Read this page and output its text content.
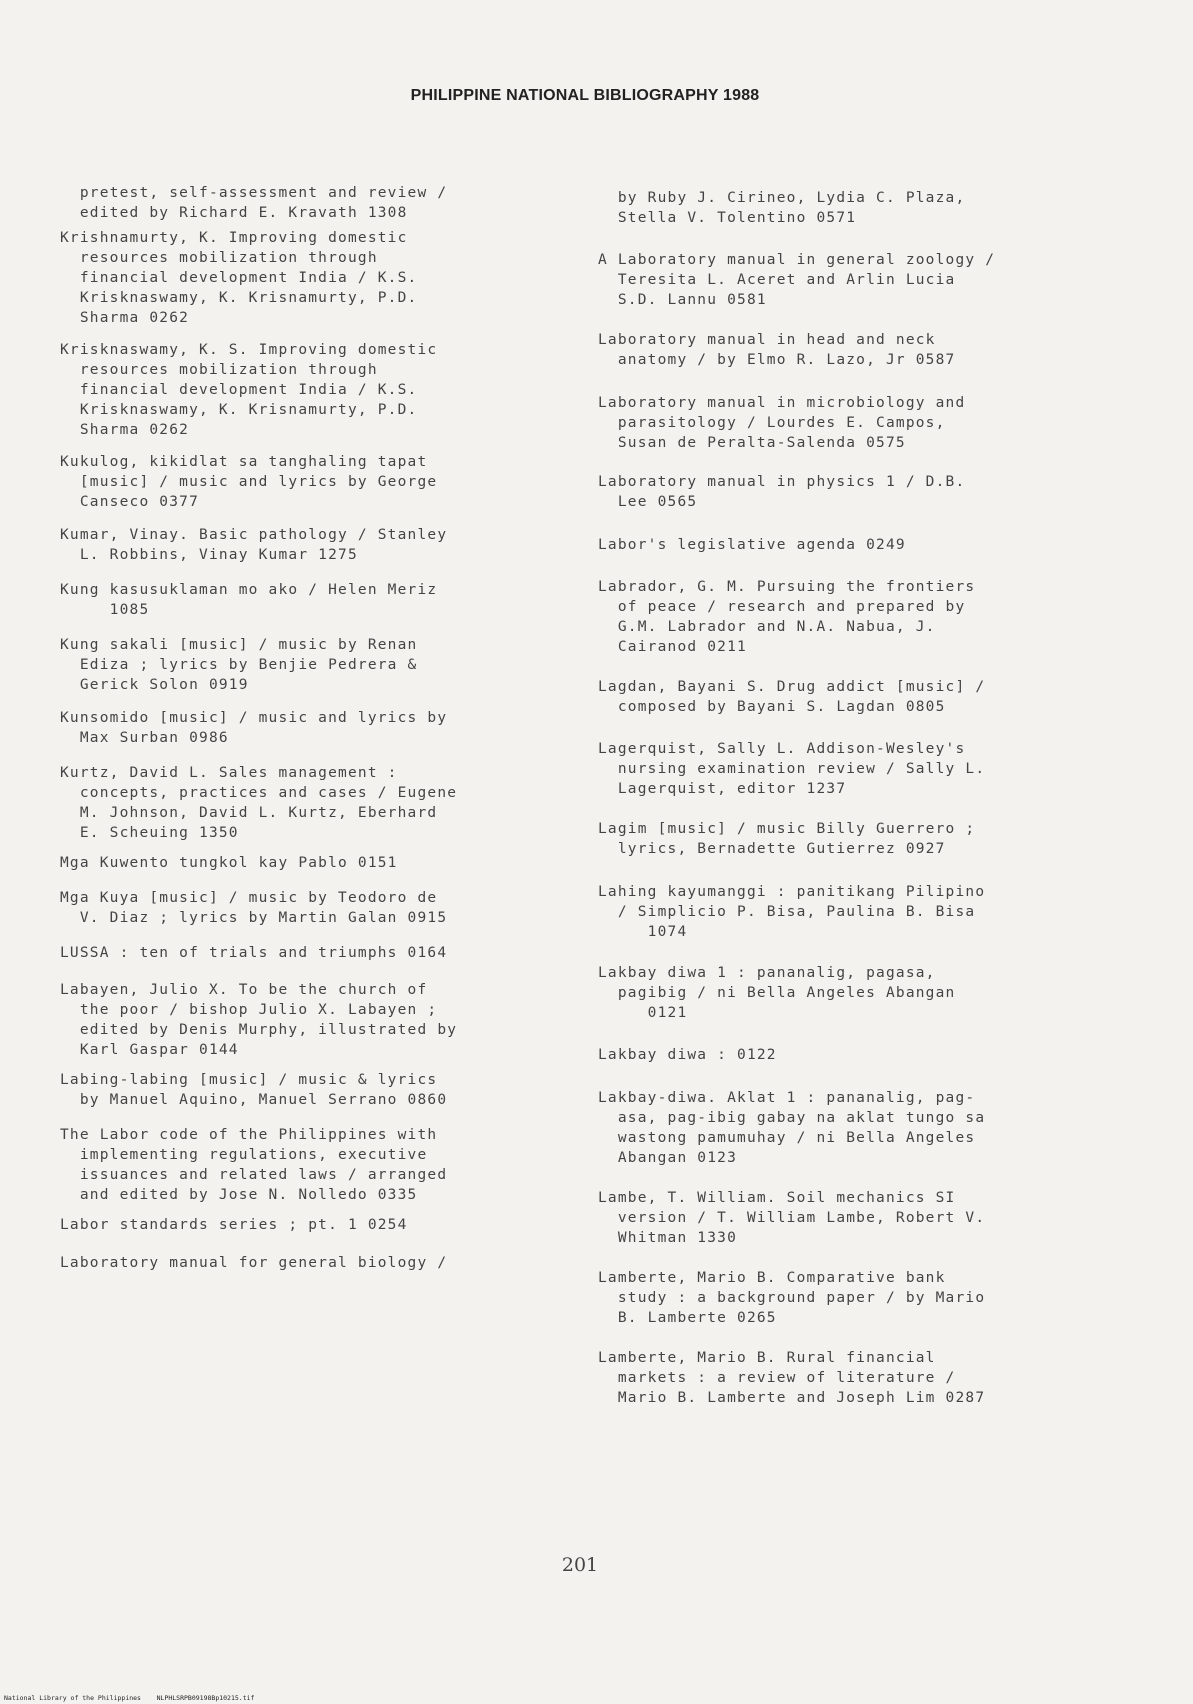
PHILIPPINE NATIONAL BIBLIOGRAPHY 1988
pretest, self-assessment and review /
edited by Richard E. Kravath 1308
Krishnamurty, K. Improving domestic
resources mobilization through
financial development India / K.S.
Krisknaswamy, K. Krisnamurty, P.D.
Sharma 0262
Krisknaswamy, K. S. Improving domestic
resources mobilization through
financial development India / K.S.
Krisknaswamy, K. Krisnamurty, P.D.
Sharma 0262
Kukulog, kikidlat sa tanghaling tapat
[music] / music and lyrics by George
Canseco 0377
Kumar, Vinay. Basic pathology / Stanley
L. Robbins, Vinay Kumar 1275
Kung kasusuklaman mo ako / Helen Meriz
1085
Kung sakali [music] / music by Renan
Ediza ; lyrics by Benjie Pedrera &
Gerick Solon 0919
Kunsomido [music] / music and lyrics by
Max Surban 0986
Kurtz, David L. Sales management :
concepts, practices and cases / Eugene
M. Johnson, David L. Kurtz, Eberhard
E. Scheuing 1350
Mga Kuwento tungkol kay Pablo 0151
Mga Kuya [music] / music by Teodoro de
V. Diaz ; lyrics by Martin Galan 0915
LUSSA : ten of trials and triumphs 0164
Labayen, Julio X. To be the church of
the poor / bishop Julio X. Labayen ;
edited by Denis Murphy, illustrated by
Karl Gaspar 0144
Labing-labing [music] / music & lyrics
by Manuel Aquino, Manuel Serrano 0860
The Labor code of the Philippines with
implementing regulations, executive
issuances and related laws / arranged
and edited by Jose N. Nolledo 0335
Labor standards series ; pt. 1 0254
Laboratory manual for general biology /
by Ruby J. Cirineo, Lydia C. Plaza,
Stella V. Tolentino 0571
A Laboratory manual in general zoology /
Teresita L. Aceret and Arlin Lucia
S.D. Lannu 0581
Laboratory manual in head and neck
anatomy / by Elmo R. Lazo, Jr 0587
Laboratory manual in microbiology and
parasitology / Lourdes E. Campos,
Susan de Peralta-Salenda 0575
Laboratory manual in physics 1 / D.B.
Lee 0565
Labor's legislative agenda 0249
Labrador, G. M. Pursuing the frontiers
of peace / research and prepared by
G.M. Labrador and N.A. Nabua, J.
Cairanod 0211
Lagdan, Bayani S. Drug addict [music] /
composed by Bayani S. Lagdan 0805
Lagerquist, Sally L. Addison-Wesley's
nursing examination review / Sally L.
Lagerquist, editor 1237
Lagim [music] / music Billy Guerrero ;
lyrics, Bernadette Gutierrez 0927
Lahing kayumanggi : panitikang Pilipino
/ Simplicio P. Bisa, Paulina B. Bisa
1074
Lakbay diwa 1 : pananalig, pagasa,
pagibig / ni Bella Angeles Abangan
0121
Lakbay diwa : 0122
Lakbay-diwa. Aklat 1 : pananalig, pag-
asa, pag-ibig gabay na aklat tungo sa
wastong pamumuhay / ni Bella Angeles
Abangan 0123
Lambe, T. William. Soil mechanics SI
version / T. William Lambe, Robert V.
Whitman 1330
Lamberte, Mario B. Comparative bank
study : a background paper / by Mario
B. Lamberte 0265
Lamberte, Mario B. Rural financial
markets : a review of literature /
Mario B. Lamberte and Joseph Lim 0287
201
National Library of the Philippines    NLPHLSRPB09198Bp10215.tif
